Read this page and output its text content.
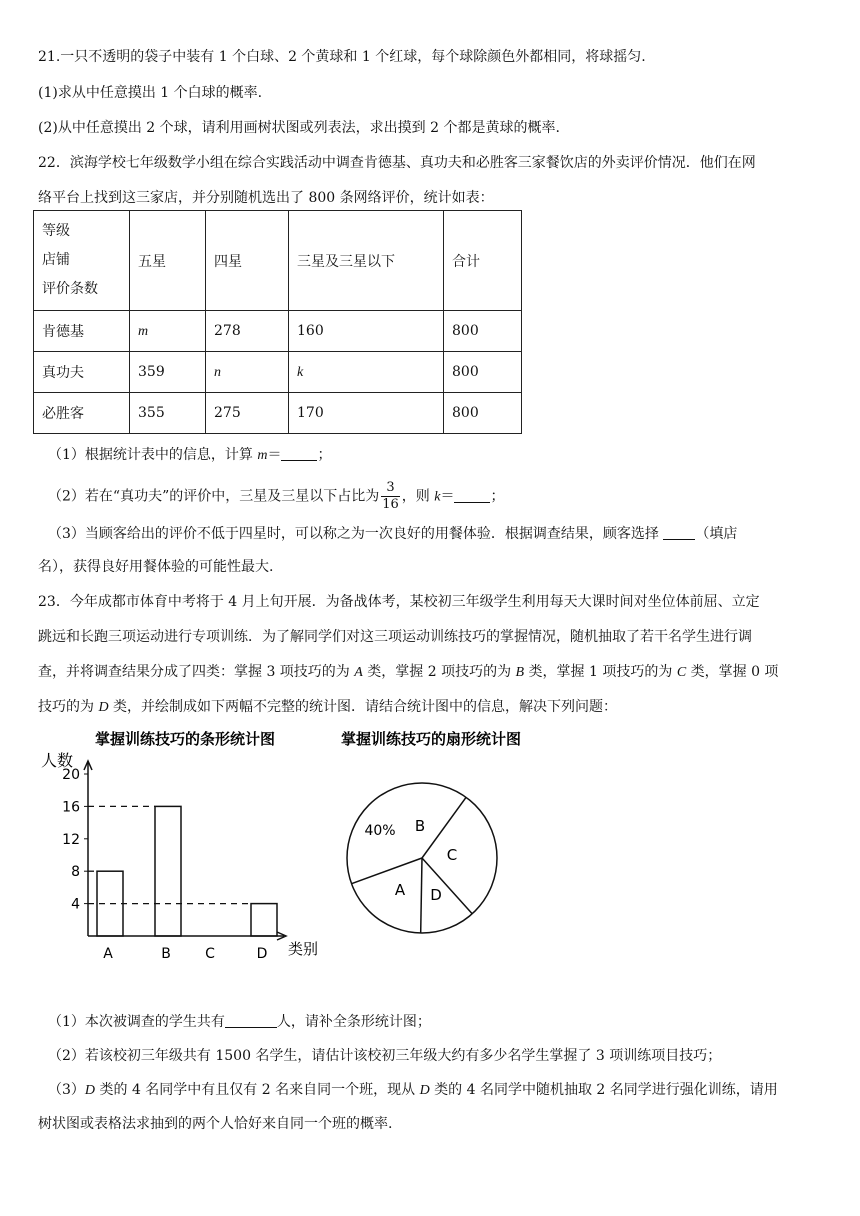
21.一只不透明的袋子中装有 1 个白球、2 个黄球和 1 个红球，每个球除颜色外都相同，将球摇匀.
(1)求从中任意摸出 1 个白球的概率.
(2)从中任意摸出 2 个球，请利用画树状图或列表法，求出摸到 2 个都是黄球的概率.
22．滨海学校七年级数学小组在综合实践活动中调查肯德基、真功夫和必胜客三家餐饮店的外卖评价情况．他们在网
络平台上找到这三家店，并分别随机选出了 800 条网络评价，统计如表：
等级
店铺
评价条数	五星	四星	三星及三星以下	合计
肯德基	m	278	160	800
真功夫	359	n	k	800
必胜客	355	275	170	800
（1）根据统计表中的信息，计算 m＝	；
（2）若在“真功夫”的评价中，三星及三星以下占比为 $\frac{3}{16}$ ，则 k＝	；
（3）当顾客给出的评价不低于四星时，可以称之为一次良好的用餐体验．根据调查结果，顾客选择 （填店
名），获得良好用餐体验的可能性最大.
23．今年成都市体育中考将于 4 月上旬开展．为备战体考，某校初三年级学生利用每天大课时间对坐位体前屈、立定
跳远和长跑三项运动进行专项训练．为了解同学们对这三项运动训练技巧的掌握情况，随机抽取了若干名学生进行调
查，并将调查结果分成了四类：掌握 3 项技巧的为 A 类，掌握 2 项技巧的为 B 类，掌握 1 项技巧的为 C 类，掌握 0 项
技巧的为 D 类，并绘制成如下两幅不完整的统计图．请结合统计图中的信息，解决下列问题：
掌握训练技巧的条形统计图
人数
类别
4
8
12
16
20
A	B C	D
掌握训练技巧的扇形统计图
B
C
D
A
40%
（1）本次被调查的学生共有	人，请补全条形统计图；
（2）若该校初三年级共有 1500 名学生，请估计该校初三年级大约有多少名学生掌握了 3 项训练项目技巧；
（3）D 类的 4 名同学中有且仅有 2 名来自同一个班，现从 D 类的 4 名同学中随机抽取 2 名同学进行强化训练，请用
树状图或表格法求抽到的两个人恰好来自同一个班的概率.
